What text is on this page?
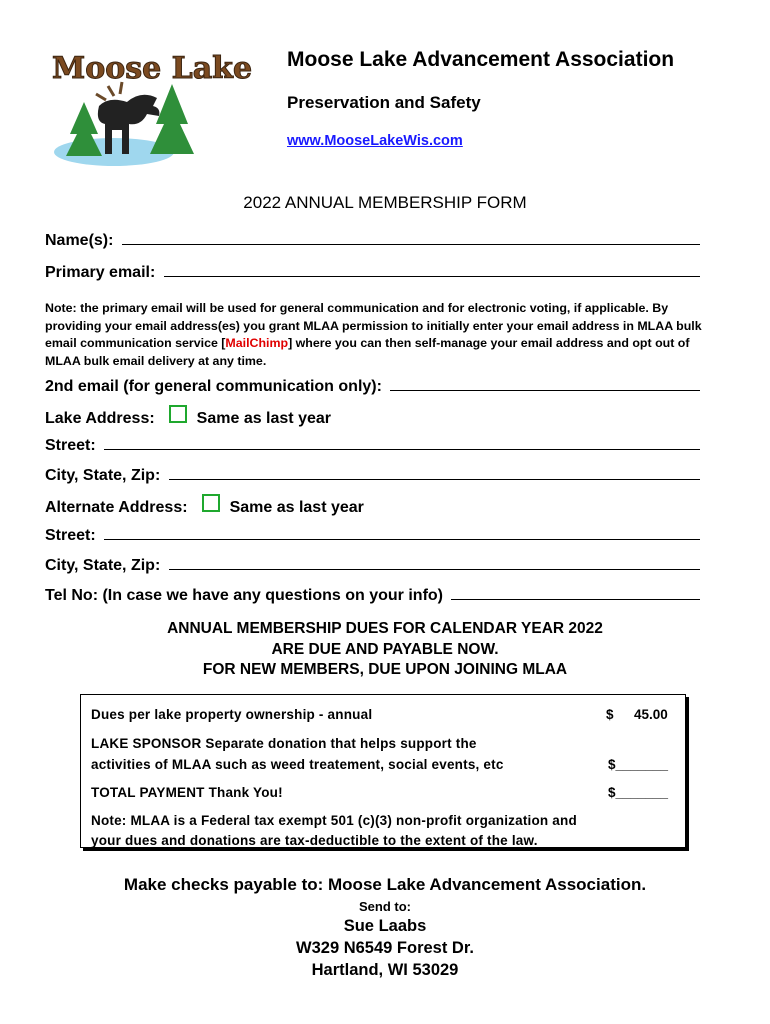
Moose Lake Moose Lake Advancement Association
Preservation and Safety
www.MooseLakeWis.com
2022 ANNUAL MEMBERSHIP FORM
Name(s):
Primary email:
Note: the primary email will be used for general communication and for electronic voting, if applicable. By providing your email address(es) you grant MLAA permission to initially enter your email address in MLAA bulk email communication service [MailChimp] where you can then self-manage your email address and opt out of MLAA bulk email delivery at any time.
2nd email (for general communication only):
Lake Address:	Same as last year
Street:
City, State, Zip:
Alternate Address:	Same as last year
Street:
City, State, Zip:
Tel No: (In case we have any questions on your info)
ANNUAL MEMBERSHIP DUES FOR CALENDAR YEAR 2022
ARE DUE AND PAYABLE NOW.
FOR NEW MEMBERS, DUE UPON JOINING MLAA
Dues per lake property ownership - annual	$ 45.00
LAKE SPONSOR Separate donation that helps support the
activities of MLAA such as weed treatement, social events, etc	$_______
TOTAL PAYMENT Thank You!	$_______
Note: MLAA is a Federal tax exempt 501 (c)(3) non-profit organization and
your dues and donations are tax-deductible to the extent of the law.
Make checks payable to: Moose Lake Advancement Association.
Send to:
Sue Laabs
W329 N6549 Forest Dr.
Hartland, WI 53029
